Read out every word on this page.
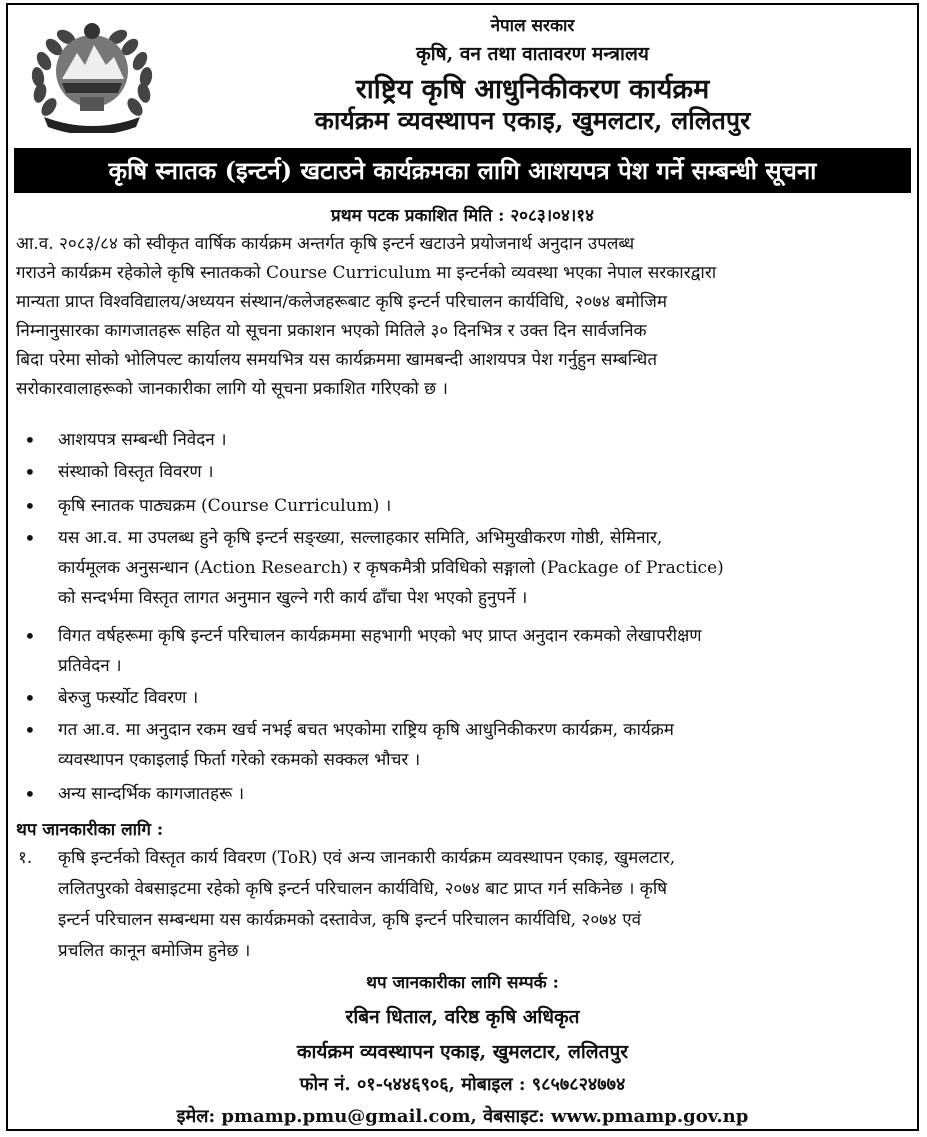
नेपाल सरकार
कृषि, वन तथा वातावरण मन्त्रालय
राष्ट्रिय कृषि आधुनिकीकरण कार्यक्रम
कार्यक्रम व्यवस्थापन एकाइ, खुमलटार, ललितपुर
कृषि स्नातक (इन्टर्न) खटाउने कार्यक्रमका लागि आशयपत्र पेश गर्ने सम्बन्धी सूचना
प्रथम पटक प्रकाशित मिति : २०८३।०४।१४
आ.व. २०८३/८४ को स्वीकृत वार्षिक कार्यक्रम अन्तर्गत कृषि इन्टर्न खटाउने प्रयोजनार्थ अनुदान उपलब्ध
गराउने कार्यक्रम रहेकोले कृषि स्नातकको Course Curriculum मा इन्टर्नको व्यवस्था भएका नेपाल सरकारद्वारा
मान्यता प्राप्त विश्वविद्यालय/अध्ययन संस्थान/कलेजहरूबाट कृषि इन्टर्न परिचालन कार्यविधि, २०७४ बमोजिम
निम्नानुसारका कागजातहरू सहित यो सूचना प्रकाशन भएको मितिले ३० दिनभित्र र उक्त दिन सार्वजनिक
बिदा परेमा सोको भोलिपल्ट कार्यालय समयभित्र यस कार्यक्रममा खामबन्दी आशयपत्र पेश गर्नुहुन सम्बन्धित
सरोकारवालाहरूको जानकारीका लागि यो सूचना प्रकाशित गरिएको छ ।
• आशयपत्र सम्बन्धी निवेदन ।
• संस्थाको विस्तृत विवरण ।
• कृषि स्नातक पाठ्यक्रम (Course Curriculum) ।
• यस आ.व. मा उपलब्ध हुने कृषि इन्टर्न सङ्ख्या, सल्लाहकार समिति, अभिमुखीकरण गोष्ठी, सेमिनार,
कार्यमूलक अनुसन्धान (Action Research) र कृषकमैत्री प्रविधिको सङ्गालो (Package of Practice)
को सन्दर्भमा विस्तृत लागत अनुमान खुल्ने गरी कार्य ढाँचा पेश भएको हुनुपर्ने ।
• विगत वर्षहरूमा कृषि इन्टर्न परिचालन कार्यक्रममा सहभागी भएको भए प्राप्त अनुदान रकमको लेखापरीक्षण
प्रतिवेदन ।
• बेरुजु फर्स्योट विवरण ।
• गत आ.व. मा अनुदान रकम खर्च नभई बचत भएकोमा राष्ट्रिय कृषि आधुनिकीकरण कार्यक्रम, कार्यक्रम
व्यवस्थापन एकाइलाई फिर्ता गरेको रकमको सक्कल भौचर ।
• अन्य सान्दर्भिक कागजातहरू ।
थप जानकारीका लागि :
१. कृषि इन्टर्नको विस्तृत कार्य विवरण (ToR) एवं अन्य जानकारी कार्यक्रम व्यवस्थापन एकाइ, खुमलटार,
ललितपुरको वेबसाइटमा रहेको कृषि इन्टर्न परिचालन कार्यविधि, २०७४ बाट प्राप्त गर्न सकिनेछ । कृषि
इन्टर्न परिचालन सम्बन्धमा यस कार्यक्रमको दस्तावेज, कृषि इन्टर्न परिचालन कार्यविधि, २०७४ एवं
प्रचलित कानून बमोजिम हुनेछ ।
थप जानकारीका लागि सम्पर्क :
रबिन धिताल, वरिष्ठ कृषि अधिकृत
कार्यक्रम व्यवस्थापन एकाइ, खुमलटार, ललितपुर
फोन नं. ०१-५४४६९०६, मोबाइल : ९८५७८२४७७४
इमेल: pmamp.pmu@gmail.com, वेबसाइट: www.pmamp.gov.np
